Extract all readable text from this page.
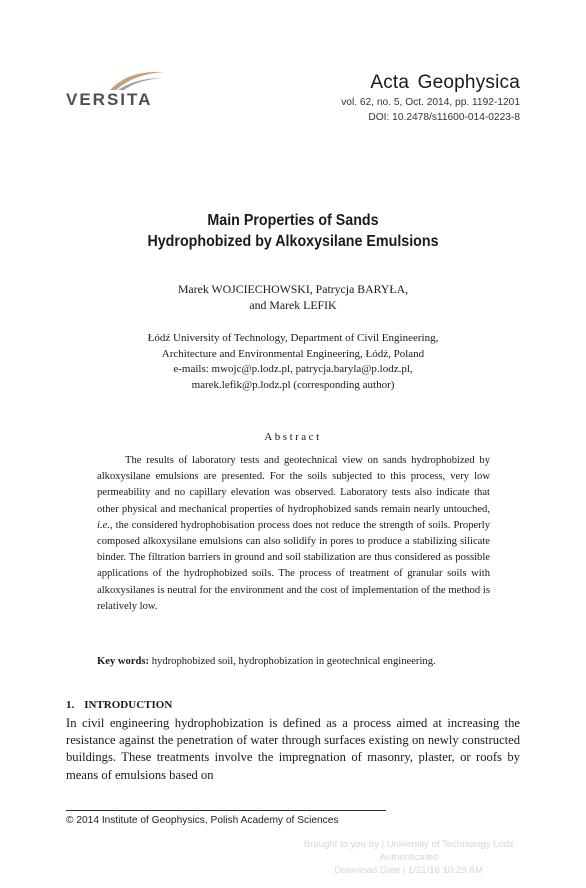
VERSITA
Acta Geophysica
vol. 62, no. 5, Oct. 2014, pp. 1192-1201
DOI: 10.2478/s11600-014-0223-8
Main Properties of Sands
Hydrophobized by Alkoxysilane Emulsions
Marek WOJCIECHOWSKI, Patrycja BARYŁA,
and Marek LEFIK
Łódź University of Technology, Department of Civil Engineering,
Architecture and Environmental Engineering, Łódź, Poland
e-mails: mwojc@p.lodz.pl, patrycja.baryla@p.lodz.pl,
marek.lefik@p.lodz.pl (corresponding author)
Abstract

The results of laboratory tests and geotechnical view on sands hydrophobized by alkoxysilane emulsions are presented. For the soils subjected to this process, very low permeability and no capillary elevation was observed. Laboratory tests also indicate that other physical and mechanical properties of hydrophobized sands remain nearly untouched, i.e., the considered hydrophobisation process does not reduce the strength of soils. Properly composed alkoxysilane emulsions can also solidify in pores to produce a stabilizing silicate binder. The filtration barriers in ground and soil stabilization are thus considered as possible applications of the hydrophobized soils. The process of treatment of granular soils with alkoxysilanes is neutral for the environment and the cost of implementation of the method is relatively low.

Key words: hydrophobized soil, hydrophobization in geotechnical engineering.

1. INTRODUCTION

In civil engineering hydrophobization is defined as a process aimed at increasing the resistance against the penetration of water through surfaces existing on newly constructed buildings. These treatments involve the impregnation of masonry, plaster, or roofs by means of emulsions based on

© 2014 Institute of Geophysics, Polish Academy of Sciences
Brought to you by | University of Technology Łódź
Authenticated
Download Date | 1/21/16 10:29 AM
